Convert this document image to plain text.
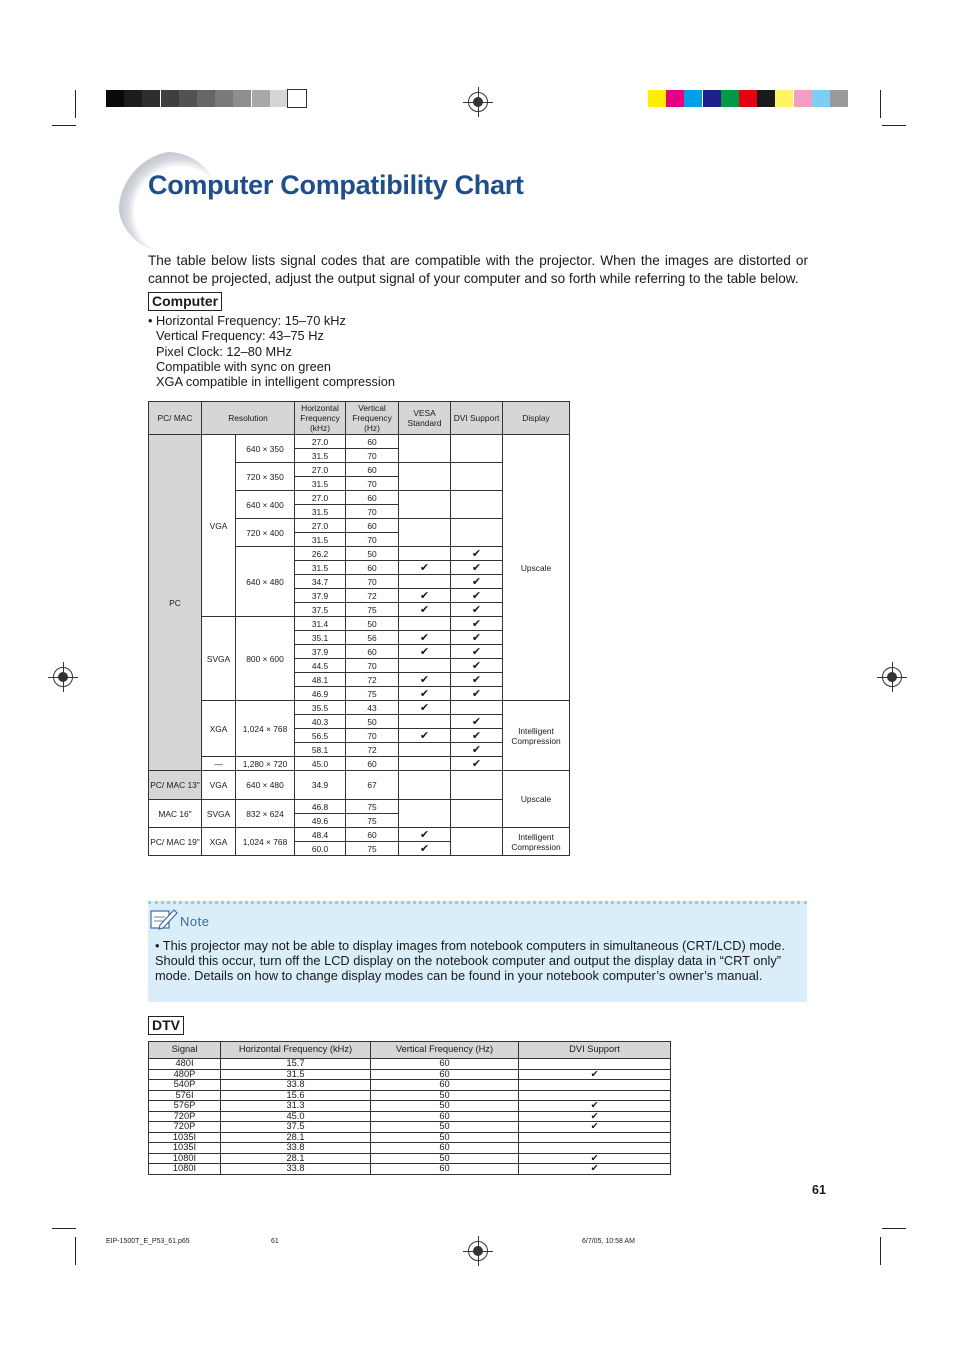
Computer Compatibility Chart
The table below lists signal codes that are compatible with the projector. When the images are distorted or cannot be projected, adjust the output signal of your computer and so forth while referring to the table below.
Computer
• Horizontal Frequency: 15–70 kHz
Vertical Frequency: 43–75 Hz
Pixel Clock: 12–80 MHz
Compatible with sync on green
XGA compatible in intelligent compression
PC/ MAC	Resolution		Horizontal Frequency (kHz)	Vertical Frequency (Hz)	VESA Standard	DVI Support	Display
PC	VGA	640 × 350	27.0	60			Upscale
			31.5	70			
		720 × 350	27.0	60			
			31.5	70			
		640 × 400	27.0	60			
			31.5	70			
		720 × 400	27.0	60			
			31.5	70			
		640 × 480	26.2	50		✔	
			31.5	60	✔	✔	
			34.7	70		✔	
			37.9	72	✔	✔	
			37.5	75	✔	✔	
	SVGA	800 × 600	31.4	50		✔	
			35.1	56	✔	✔	
			37.9	60	✔	✔	
			44.5	70		✔	
			48.1	72	✔	✔	
			46.9	75	✔	✔	
	XGA	1,024 × 768	35.5	43	✔		Intelligent Compression
			40.3	50		✔	
			56.5	70	✔	✔	
			58.1	72		✔	
	—	1,280 × 720	45.0	60		✔	
PC/ MAC 13"	VGA	640 × 480	34.9	67			Upscale
MAC 16"	SVGA	832 × 624	46.8	75			
			49.6	75			
PC/ MAC 19"	XGA	1,024 × 768	48.4	60	✔		Intelligent Compression
			60.0	75	✔		
Note
• This projector may not be able to display images from notebook computers in simultaneous (CRT/LCD) mode. Should this occur, turn off the LCD display on the notebook computer and output the display data in “CRT only” mode. Details on how to change display modes can be found in your notebook computer’s owner’s manual.
DTV
Signal	Horizontal Frequency (kHz)	Vertical Frequency (Hz)	DVI Support
480I	15.7	60	
480P	31.5	60	✔
540P	33.8	60	
576I	15.6	50	
576P	31.3	50	✔
720P	45.0	60	✔
720P	37.5	50	✔
1035I	28.1	50	
1035I	33.8	60	
1080I	28.1	50	✔
1080I	33.8	60	✔
61
EIP-1500T_E_P53_61.p65	61	6/7/05, 10:58 AM
